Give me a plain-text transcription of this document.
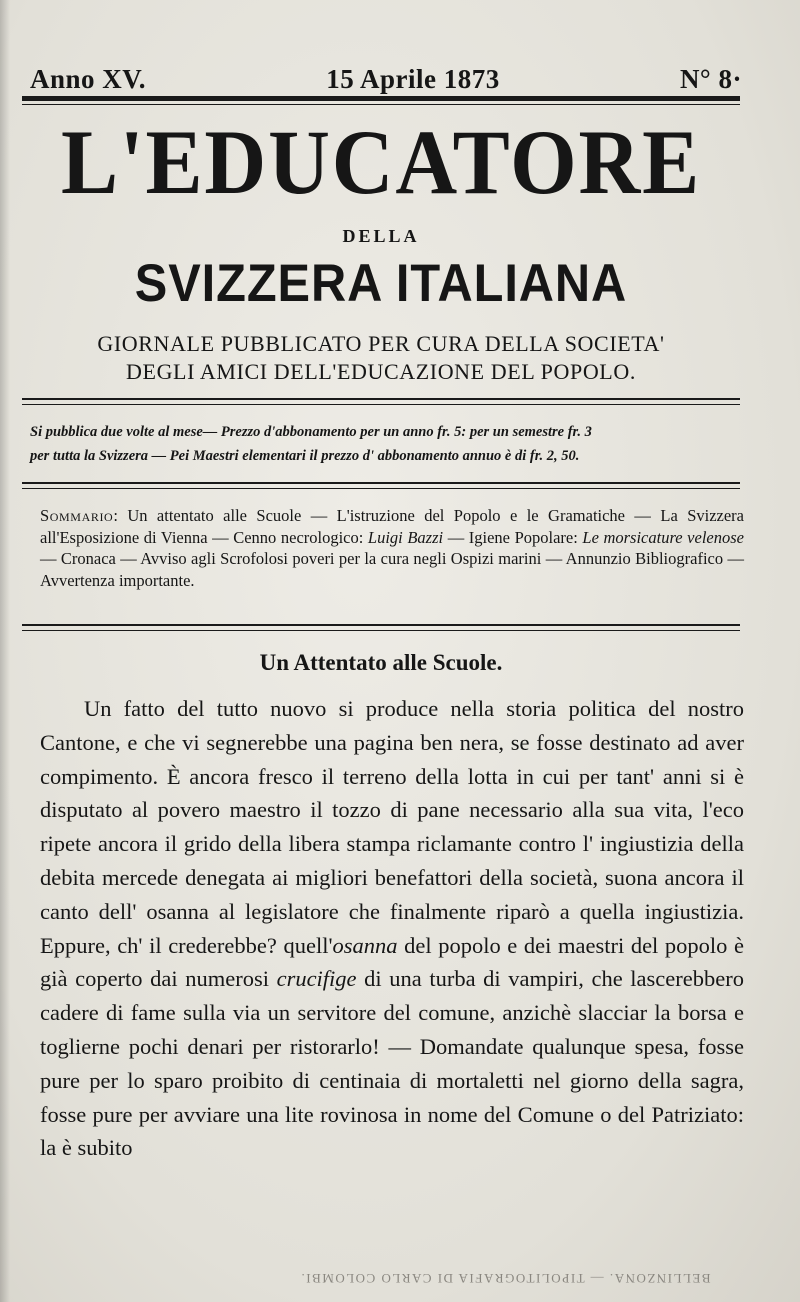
Anno XV.	15 Aprile 1873	N° 8·
L'EDUCATORE
DELLA
SVIZZERA ITALIANA
GIORNALE PUBBLICATO PER CURA DELLA SOCIETA'
DEGLI AMICI DELL'EDUCAZIONE DEL POPOLO.
Si pubblica due volte al mese— Prezzo d'abbonamento per un anno fr. 5: per un semestre fr. 3
per tutta la Svizzera — Pei Maestri elementari il prezzo d' abbonamento annuo è di fr. 2, 50.
Sommario: Un attentato alle Scuole — L'istruzione del Popolo e le Gramatiche — La Svizzera all'Esposizione di Vienna — Cenno necrologico: Luigi Bazzi — Igiene Popolare: Le morsicature velenose — Cronaca — Avviso agli Scrofolosi poveri per la cura negli Ospizi marini — Annunzio Bibliografico — Avvertenza importante.
Un Attentato alle Scuole.
Un fatto del tutto nuovo si produce nella storia politica del nostro Cantone, e che vi segnerebbe una pagina ben nera, se fosse destinato ad aver compimento. È ancora fresco il terreno della lotta in cui per tant' anni si è disputato al povero maestro il tozzo di pane necessario alla sua vita, l'eco ripete ancora il grido della libera stampa riclamante contro l' ingiustizia della debita mercede denegata ai migliori benefattori della società, suona ancora il canto dell' osanna al legislatore che finalmente riparò a quella ingiustizia. Eppure, ch' il crederebbe? quell'osanna del popolo e dei maestri del popolo è già coperto dai numerosi crucifige di una turba di vampiri, che lascerebbero cadere di fame sulla via un servitore del comune, anzichè slacciar la borsa e toglierne pochi denari per ristorarlo! — Domandate qualunque spesa, fosse pure per lo sparo proibito di centinaia di mortaletti nel giorno della sagra, fosse pure per avviare una lite rovinosa in nome del Comune o del Patriziato: la è subito
BELLINZONA. — TIPOLITOGRAFIA DI CARLO COLOMBI.
